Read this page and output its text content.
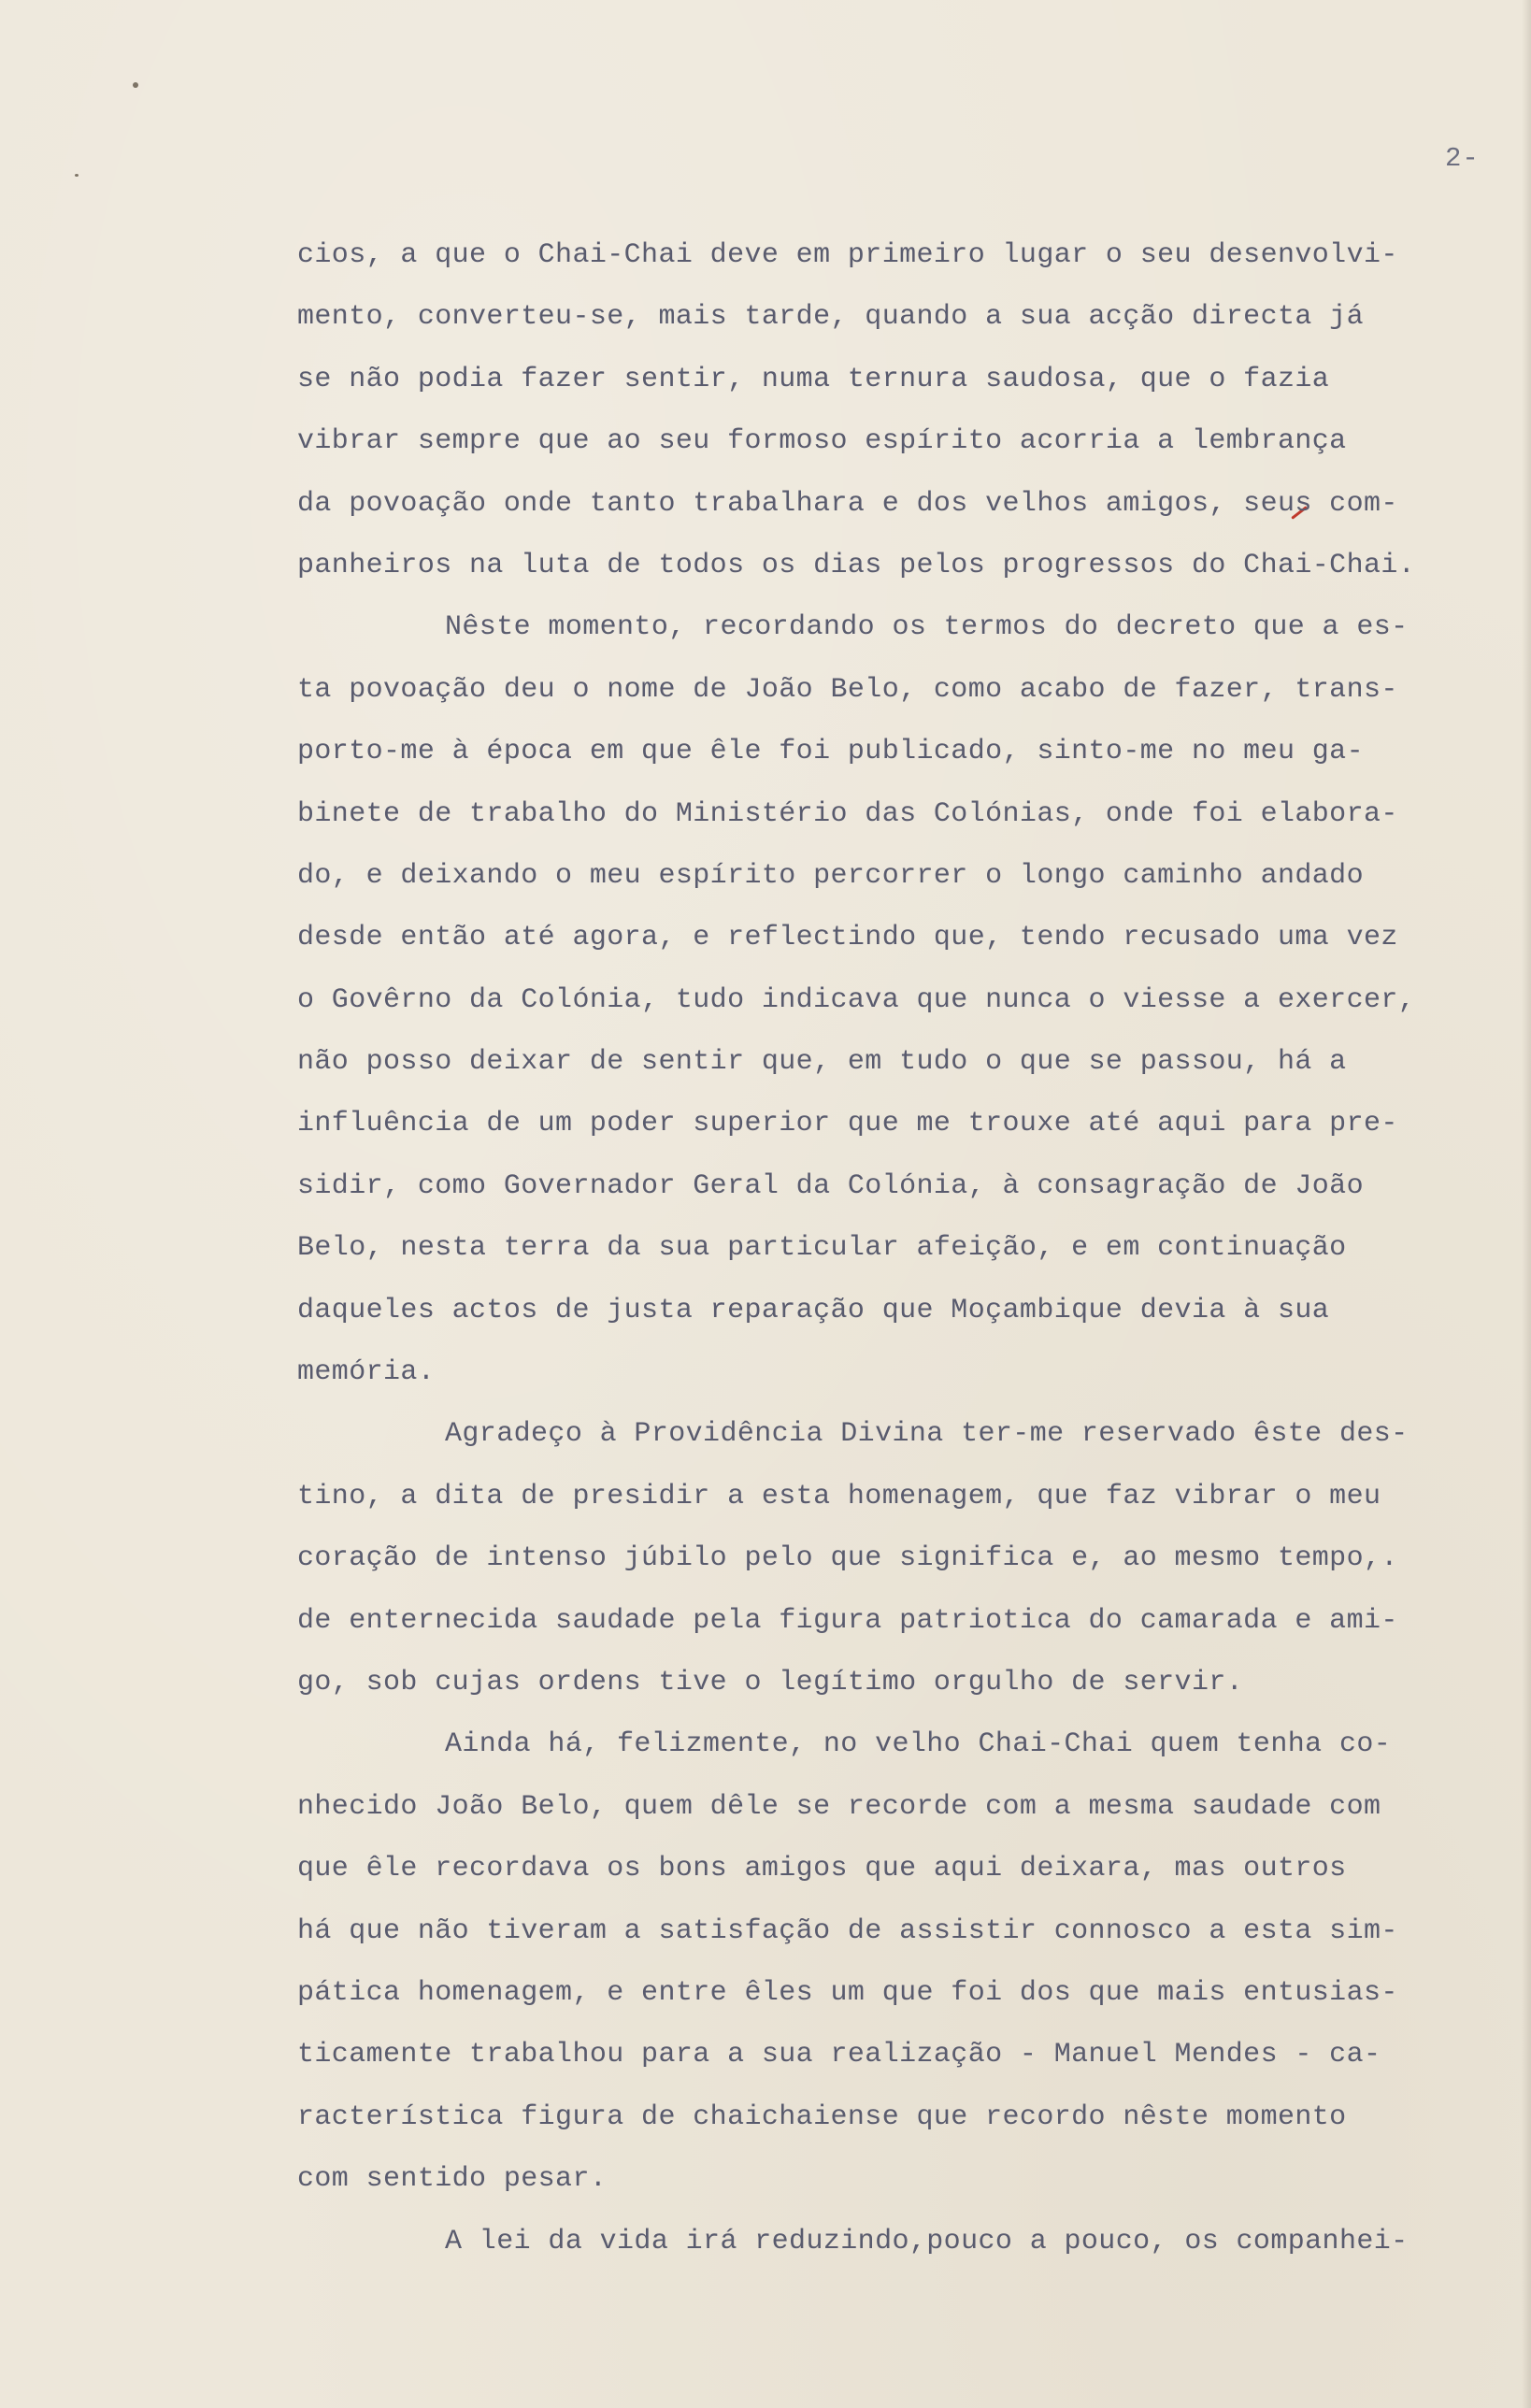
2-
cios, a que o Chai-Chai deve em primeiro lugar o seu desenvolvi-
mento, converteu-se, mais tarde, quando a sua acção directa já
se não podia fazer sentir, numa ternura saudosa, que o fazia
vibrar sempre que ao seu formoso espírito acorria a lembrança
da povoação onde tanto trabalhara e dos velhos amigos, seus com-
panheiros na luta de todos os dias pelos progressos do Chai-Chai.
Nêste momento, recordando os termos do decreto que a es-
ta povoação deu o nome de João Belo, como acabo de fazer, trans-
porto-me à época em que êle foi publicado, sinto-me no meu ga-
binete de trabalho do Ministério das Colónias, onde foi elabora-
do, e deixando o meu espírito percorrer o longo caminho andado
desde então até agora, e reflectindo que, tendo recusado uma vez
o Govêrno da Colónia, tudo indicava que nunca o viesse a exercer,
não posso deixar de sentir que, em tudo o que se passou, há a
influência de um poder superior que me trouxe até aqui para pre-
sidir, como Governador Geral da Colónia, à consagração de João
Belo, nesta terra da sua particular afeição, e em continuação
daqueles actos de justa reparação que Moçambique devia à sua
memória.
Agradeço à Providência Divina ter-me reservado êste des-
tino, a dita de presidir a esta homenagem, que faz vibrar o meu
coração de intenso júbilo pelo que significa e, ao mesmo tempo,.
de enternecida saudade pela figura patriotica do camarada e ami-
go, sob cujas ordens tive o legítimo orgulho de servir.
Ainda há, felizmente, no velho Chai-Chai quem tenha co-
nhecido João Belo, quem dêle se recorde com a mesma saudade com
que êle recordava os bons amigos que aqui deixara, mas outros
há que não tiveram a satisfação de assistir connosco a esta sim-
pática homenagem, e entre êles um que foi dos que mais entusias-
ticamente trabalhou para a sua realização - Manuel Mendes - ca-
racterística figura de chaichaiense que recordo nêste momento
com sentido pesar.
A lei da vida irá reduzindo,pouco a pouco, os companhei-
